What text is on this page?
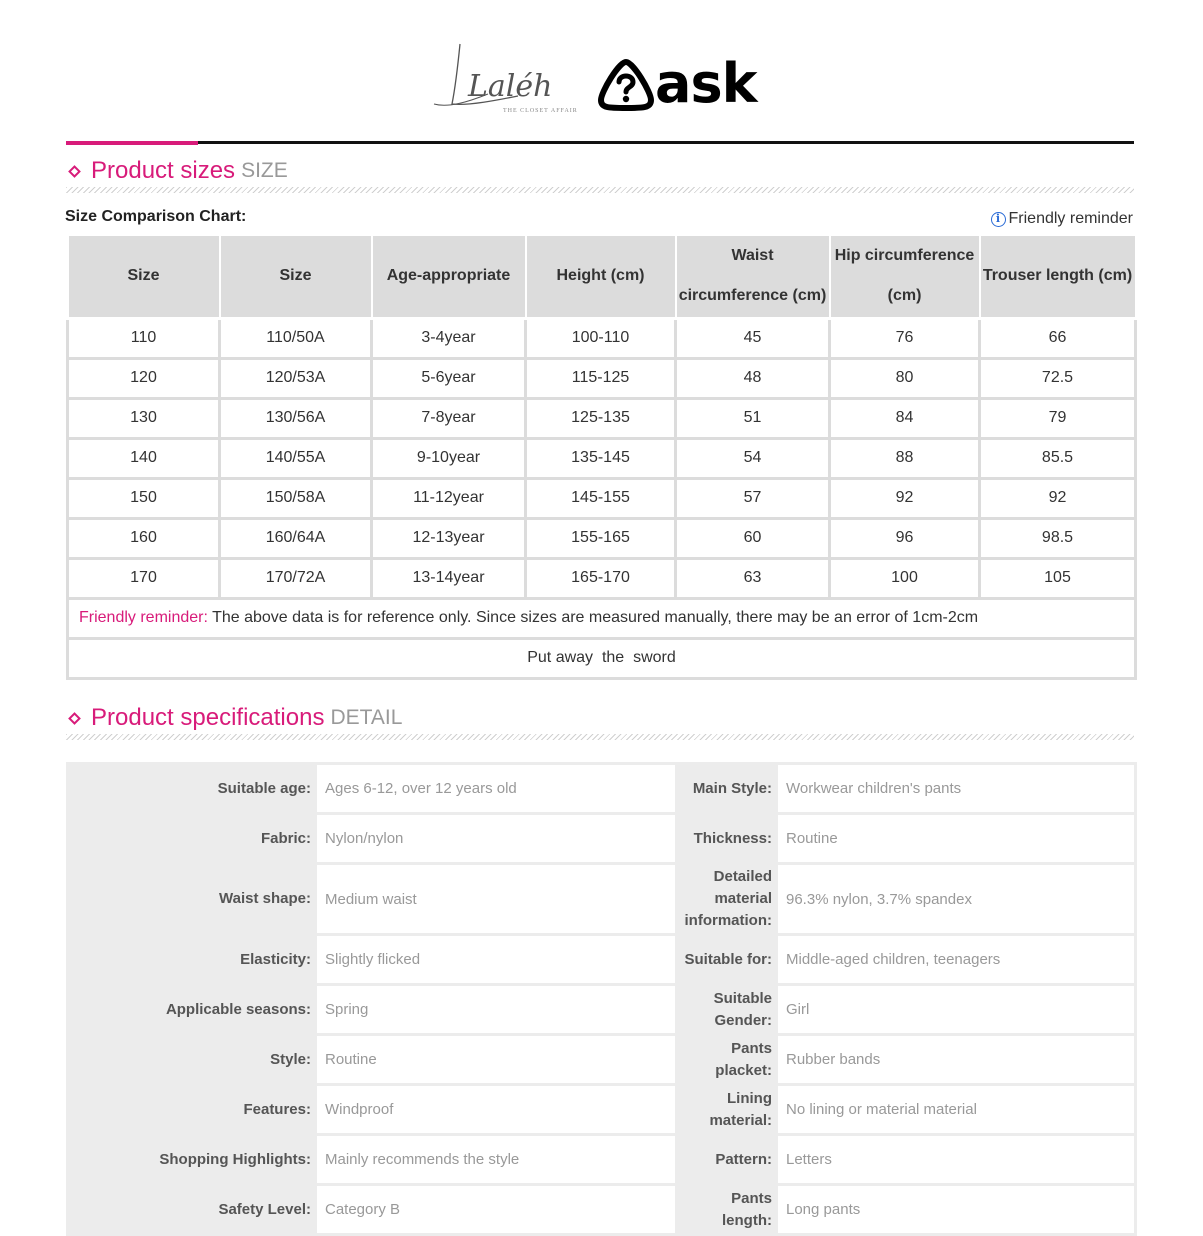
Laléh
THE CLOSET AFFAIR ask
Product sizes SIZE
Size Comparison Chart:	i Friendly reminder
Size	Size	Age-appropriate	Height (cm)	Waist circumference (cm)	Hip circumference (cm)	Trouser length (cm)
110	110/50A	3-4year	100-110	45	76	66
120	120/53A	5-6year	115-125	48	80	72.5
130	130/56A	7-8year	125-135	51	84	79
140	140/55A	9-10year	135-145	54	88	85.5
150	150/58A	11-12year	145-155	57	92	92
160	160/64A	12-13year	155-165	60	96	98.5
170	170/72A	13-14year	165-170	63	100	105
Friendly reminder: The above data is for reference only. Since sizes are measured manually, there may be an error of 1cm-2cm						
Put away  the  sword						
Product specifications DETAIL
Suitable age:	Ages 6-12, over 12 years old	Main Style:	Workwear children's pants
Fabric:	Nylon/nylon	Thickness:	Routine
Waist shape:	Medium waist	Detailed material information:	96.3% nylon, 3.7% spandex
Elasticity:	Slightly flicked	Suitable for:	Middle-aged children, teenagers
Applicable seasons:	Spring	Suitable Gender:	Girl
Style:	Routine	Pants placket:	Rubber bands
Features:	Windproof	Lining material:	No lining or material material
Shopping Highlights:	Mainly recommends the style	Pattern:	Letters
Safety Level:	Category B	Pants length:	Long pants
